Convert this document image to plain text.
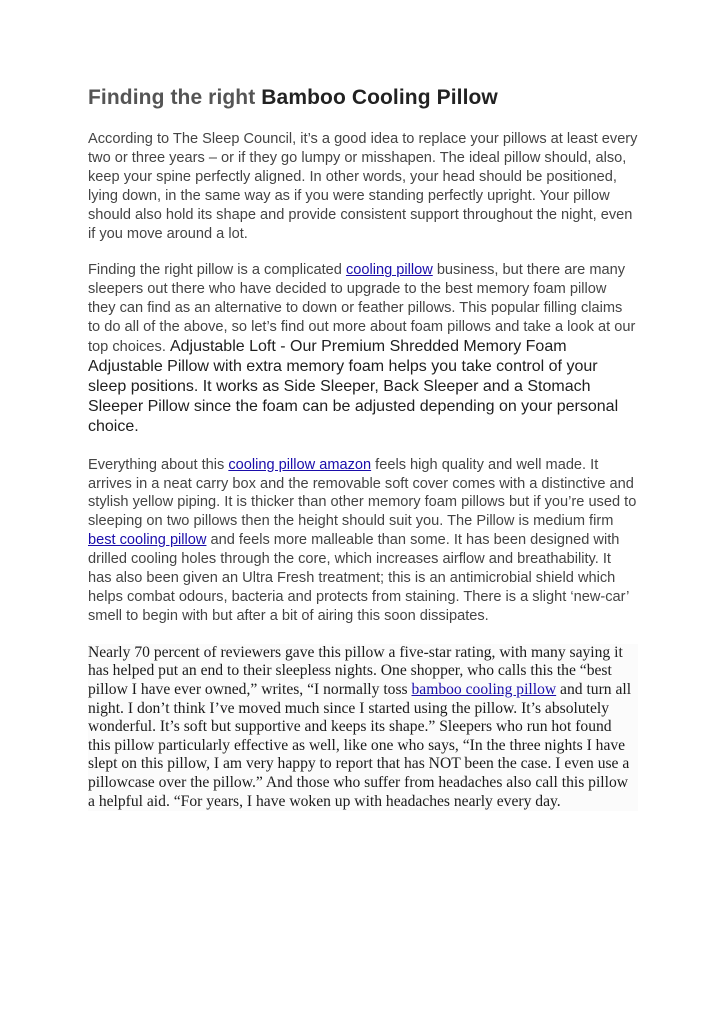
Finding the right Bamboo Cooling Pillow

According to The Sleep Council, it’s a good idea to replace your pillows at least every two or three years – or if they go lumpy or misshapen. The ideal pillow should, also, keep your spine perfectly aligned. In other words, your head should be positioned, lying down, in the same way as if you were standing perfectly upright. Your pillow should also hold its shape and provide consistent support throughout the night, even if you move around a lot.

Finding the right pillow is a complicated cooling pillow business, but there are many sleepers out there who have decided to upgrade to the best memory foam pillow they can find as an alternative to down or feather pillows. This popular filling claims to do all of the above, so let’s find out more about foam pillows and take a look at our top choices. Adjustable Loft - Our Premium Shredded Memory Foam Adjustable Pillow with extra memory foam helps you take control of your sleep positions. It works as Side Sleeper, Back Sleeper and a Stomach Sleeper Pillow since the foam can be adjusted depending on your personal choice.

Everything about this cooling pillow amazon feels high quality and well made. It arrives in a neat carry box and the removable soft cover comes with a distinctive and stylish yellow piping. It is thicker than other memory foam pillows but if you’re used to sleeping on two pillows then the height should suit you. The Pillow is medium firm best cooling pillow and feels more malleable than some. It has been designed with drilled cooling holes through the core, which increases airflow and breathability. It has also been given an Ultra Fresh treatment; this is an antimicrobial shield which helps combat odours, bacteria and protects from staining. There is a slight ‘new-car’ smell to begin with but after a bit of airing this soon dissipates.

Nearly 70 percent of reviewers gave this pillow a five-star rating, with many saying it has helped put an end to their sleepless nights. One shopper, who calls this the “best pillow I have ever owned,” writes, “I normally toss bamboo cooling pillow and turn all night. I don’t think I’ve moved much since I started using the pillow. It’s absolutely wonderful. It’s soft but supportive and keeps its shape.” Sleepers who run hot found this pillow particularly effective as well, like one who says, “In the three nights I have slept on this pillow, I am very happy to report that has NOT been the case. I even use a pillowcase over the pillow.” And those who suffer from headaches also call this pillow a helpful aid. “For years, I have woken up with headaches nearly every day.
